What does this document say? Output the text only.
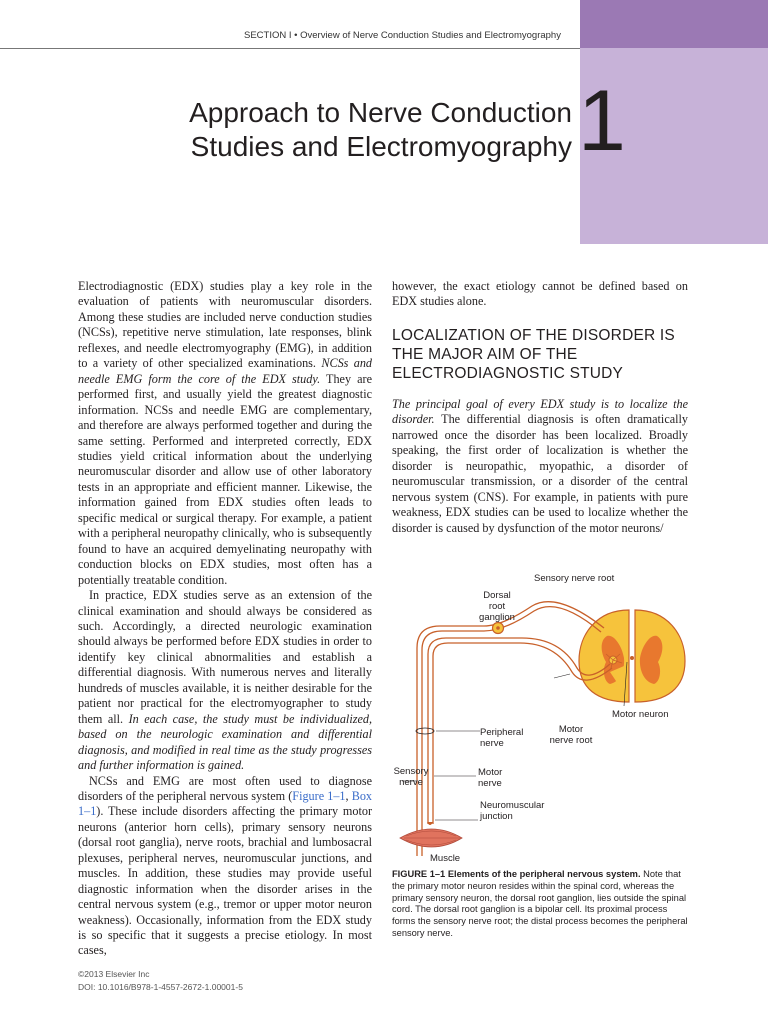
SECTION I • Overview of Nerve Conduction Studies and Electromyography
1
Approach to Nerve Conduction
Studies and Electromyography

Electrodiagnostic (EDX) studies play a key role in the evaluation of patients with neuromuscular disorders. Among these studies are included nerve conduction studies (NCSs), repetitive nerve stimulation, late responses, blink reflexes, and needle electromyography (EMG), in addition to a variety of other specialized examinations. NCSs and needle EMG form the core of the EDX study. They are performed first, and usually yield the greatest diagnostic information. NCSs and needle EMG are complementary, and therefore are always performed together and during the same setting. Performed and interpreted correctly, EDX studies yield critical information about the underlying neuromuscular disorder and allow use of other laboratory tests in an appropriate and efficient manner. Likewise, the information gained from EDX studies often leads to specific medical or surgical therapy. For example, a patient with a peripheral neuropathy clinically, who is subsequently found to have an acquired demyelinating neuropathy with conduction blocks on EDX studies, most often has a potentially treatable condition.

In practice, EDX studies serve as an extension of the clinical examination and should always be considered as such. Accordingly, a directed neurologic examination should always be performed before EDX studies in order to identify key clinical abnormalities and establish a differential diagnosis. With numerous nerves and literally hundreds of muscles available, it is neither desirable for the patient nor practical for the electromyographer to study them all. In each case, the study must be individualized, based on the neurologic examination and differential diagnosis, and modified in real time as the study progresses and further information is gained.

NCSs and EMG are most often used to diagnose disorders of the peripheral nervous system (Figure 1–1, Box 1–1). These include disorders affecting the primary motor neurons (anterior horn cells), primary sensory neurons (dorsal root ganglia), nerve roots, brachial and lumbosacral plexuses, peripheral nerves, neuromuscular junctions, and muscles. In addition, these studies may provide useful diagnostic information when the disorder arises in the central nervous system (e.g., tremor or upper motor neuron weakness). Occasionally, information from the EDX study is so specific that it suggests a precise etiology. In most cases,

however, the exact etiology cannot be defined based on EDX studies alone.

LOCALIZATION OF THE DISORDER IS THE MAJOR AIM OF THE ELECTRODIAGNOSTIC STUDY

The principal goal of every EDX study is to localize the disorder. The differential diagnosis is often dramatically narrowed once the disorder has been localized. Broadly speaking, the first order of localization is whether the disorder is neuropathic, myopathic, a disorder of neuromuscular transmission, or a disorder of the central nervous system (CNS). For example, in patients with pure weakness, EDX studies can be used to localize whether the disorder is caused by dysfunction of the motor neurons/

Sensory nerve root
Dorsal root ganglion
Motor neuron
Motor nerve root
Peripheral nerve
Sensory nerve
Motor nerve
Neuromuscular junction
Muscle
FIGURE 1–1 Elements of the peripheral nervous system. Note that the primary motor neuron resides within the spinal cord, whereas the primary sensory neuron, the dorsal root ganglion, lies outside the spinal cord. The dorsal root ganglion is a bipolar cell. Its proximal process forms the sensory nerve root; the distal process becomes the peripheral sensory nerve.
©2013 Elsevier Inc
DOI: 10.1016/B978-1-4557-2672-1.00001-5
